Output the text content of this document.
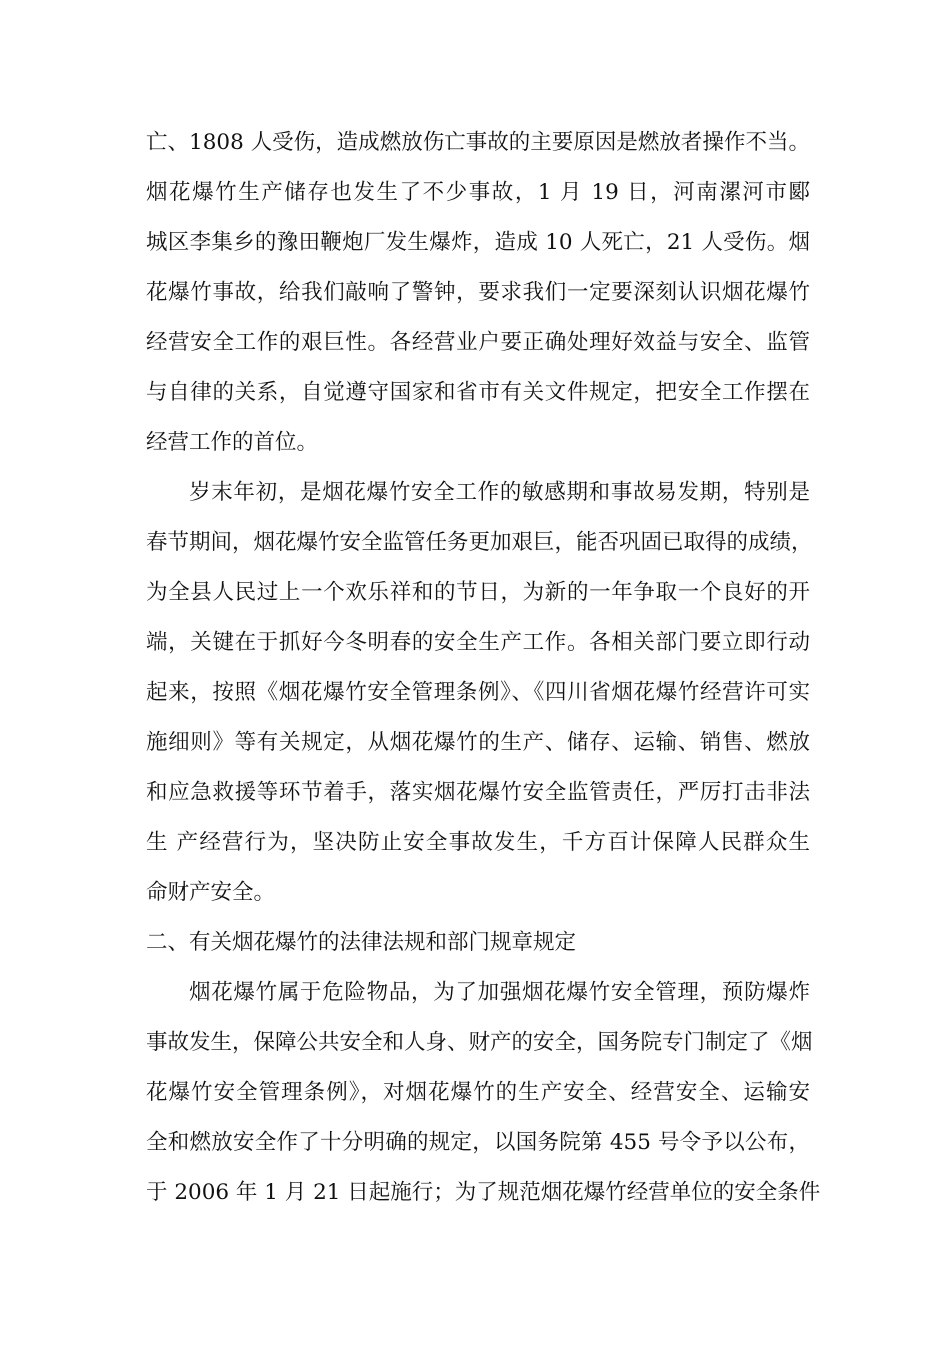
亡、1808 人受伤，造成燃放伤亡事故的主要原因是燃放者操作不当。
烟花爆竹生产储存也发生了不少事故，1 月 19 日，河南漯河市郾
城区李集乡的豫田鞭炮厂发生爆炸，造成 10 人死亡，21 人受伤。烟
花爆竹事故，给我们敲响了警钟，要求我们一定要深刻认识烟花爆竹
经营安全工作的艰巨性。各经营业户要正确处理好效益与安全、监管
与自律的关系，自觉遵守国家和省市有关文件规定，把安全工作摆在
经营工作的首位。
岁末年初，是烟花爆竹安全工作的敏感期和事故易发期，特别是
春节期间，烟花爆竹安全监管任务更加艰巨，能否巩固已取得的成绩，
为全县人民过上一个欢乐祥和的节日，为新的一年争取一个良好的开
端，关键在于抓好今冬明春的安全生产工作。各相关部门要立即行动
起来，按照《烟花爆竹安全管理条例》、《四川省烟花爆竹经营许可实
施细则》等有关规定，从烟花爆竹的生产、储存、运输、销售、燃放
和应急救援等环节着手，落实烟花爆竹安全监管责任，严厉打击非法
生 产经营行为，坚决防止安全事故发生，千方百计保障人民群众生
命财产安全。
二、有关烟花爆竹的法律法规和部门规章规定
烟花爆竹属于危险物品，为了加强烟花爆竹安全管理，预防爆炸
事故发生，保障公共安全和人身、财产的安全，国务院专门制定了《烟
花爆竹安全管理条例》，对烟花爆竹的生产安全、经营安全、运输安
全和燃放安全作了十分明确的规定，以国务院第 455 号令予以公布，
于 2006 年 1 月 21 日起施行；为了规范烟花爆竹经营单位的安全条件
